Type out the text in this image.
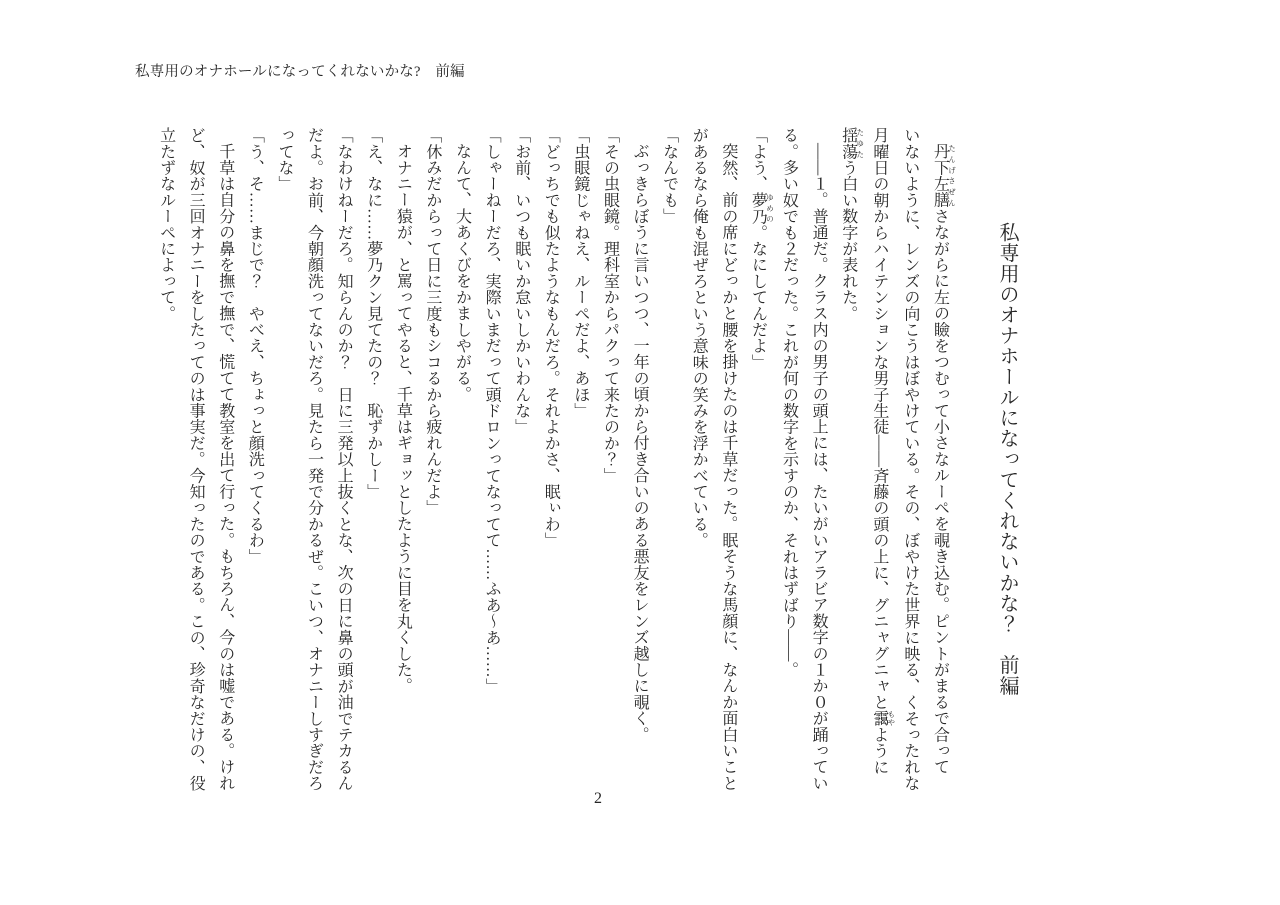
私専用のオナホールになってくれないかな?　前編
私専用のオナホールになってくれないかな？　前編
丹下左膳 たんげさぜんさながらに左の瞼をつむって小さなルーペを覗き込む。ピントがまるで合って
いないように、レンズの向こうはぼやけている。その、ぼやけた世界に映る、くそったれな
月曜日の朝からハイテンションな男子生徒――斉藤の頭の上に、グニャグニャと靄 もやように
揺蕩 たゆたう白い数字が表れた。
――１。普通だ。クラス内の男子の頭上には、たいがいアラビア数字の１か０が踊ってい
る。多い奴でも２だった。これが何の数字を示すのか、それはずばり――。
「よう、夢乃 ゆめの。なにしてんだよ」
突然、前の席にどっかと腰を掛けたのは千草だった。眠そうな馬顔に、なんか面白いこと
があるなら俺も混ぜろという意味の笑みを浮かべている。
「なんでも」
ぶっきらぼうに言いつつ、一年の頃から付き合いのある悪友をレンズ越しに覗く。
「その虫眼鏡。理科室からパクって来たのか？」
「虫眼鏡じゃねえ、ルーペだよ、あほ」
「どっちでも似たようなもんだろ。それよかさ、眠ぃわ」
「お前、いつも眠いか怠いしかいわんな」
「しゃーねーだろ、実際いまだって頭ドロンってなってて……ふあ〜あ……」
なんて、大あくびをかましやがる。
「休みだからって日に三度もシコるから疲れんだよ」
オナニー猿が、と罵ってやると、千草はギョッとしたように目を丸くした。
「え、なに……夢乃クン見てたの？　恥ずかしー」
「なわけねーだろ。知らんのか？　日に三発以上抜くとな、次の日に鼻の頭が油でテカるん
だよ。お前、今朝顔洗ってないだろ。見たら一発で分かるぜ。こいつ、オナニーしすぎだろ
ってな」
「う、そ……まじで？　やべえ、ちょっと顔洗ってくるわ」
千草は自分の鼻を撫で撫で、慌てて教室を出て行った。もちろん、今のは嘘である。けれ
ど、奴が三回オナニーをしたってのは事実だ。今知ったのである。この、珍奇なだけの、役
立たずなルーペによって。
2
